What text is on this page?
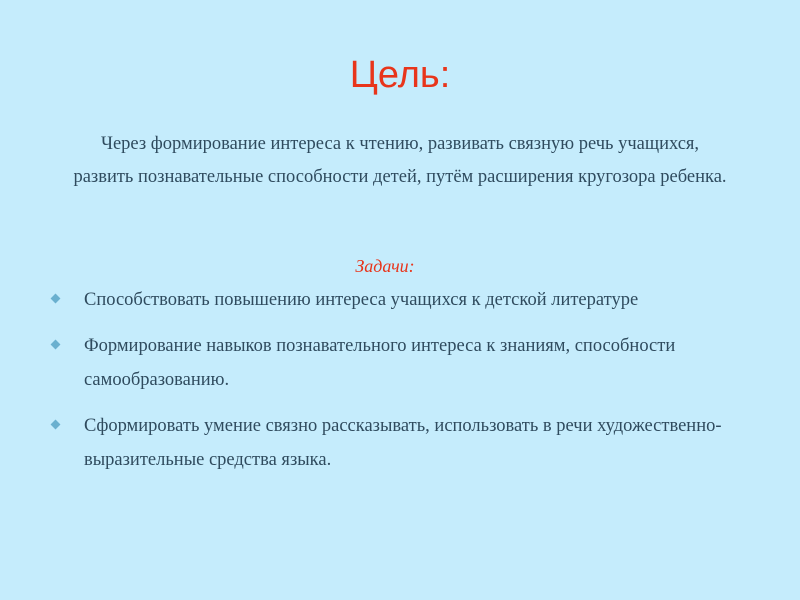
Цель:

Через формирование интереса к чтению, развивать связную речь учащихся, развить познавательные способности детей, путём расширения кругозора ребенка.

Задачи:

Способствовать повышению интереса учащихся к детской литературе
Формирование навыков познавательного интереса к знаниям, способности самообразованию.
Сформировать умение связно рассказывать, использовать в речи художественно-выразительные средства языка.
